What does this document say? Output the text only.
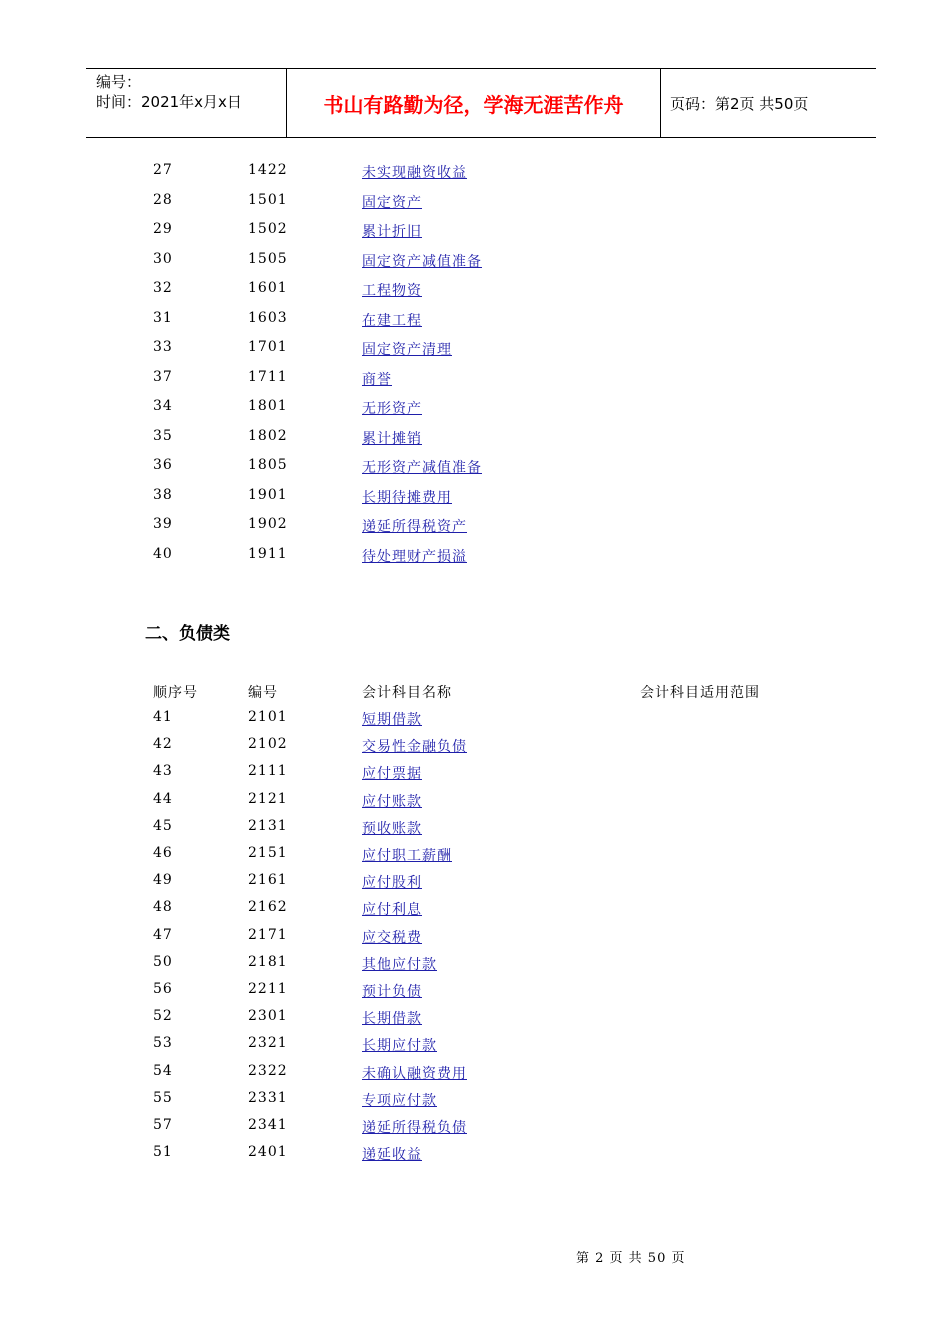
编号：
时间：2021年x月x日	书山有路勤为径，学海无涯苦作舟	页码：第2页 共50页
27	1422	未实现融资收益
28	1501	固定资产
29	1502	累计折旧
30	1505	固定资产减值准备
32	1601	工程物资
31	1603	在建工程
33	1701	固定资产清理
37	1711	商誉
34	1801	无形资产
35	1802	累计摊销
36	1805	无形资产减值准备
38	1901	长期待摊费用
39	1902	递延所得税资产
40	1911	待处理财产损溢
二、负债类
顺序号	编号	会计科目名称	会计科目适用范围
41	2101	短期借款
42	2102	交易性金融负债
43	2111	应付票据
44	2121	应付账款
45	2131	预收账款
46	2151	应付职工薪酬
49	2161	应付股利
48	2162	应付利息
47	2171	应交税费
50	2181	其他应付款
56	2211	预计负债
52	2301	长期借款
53	2321	长期应付款
54	2322	未确认融资费用
55	2331	专项应付款
57	2341	递延所得税负债
51	2401	递延收益
第 2 页 共 50 页
